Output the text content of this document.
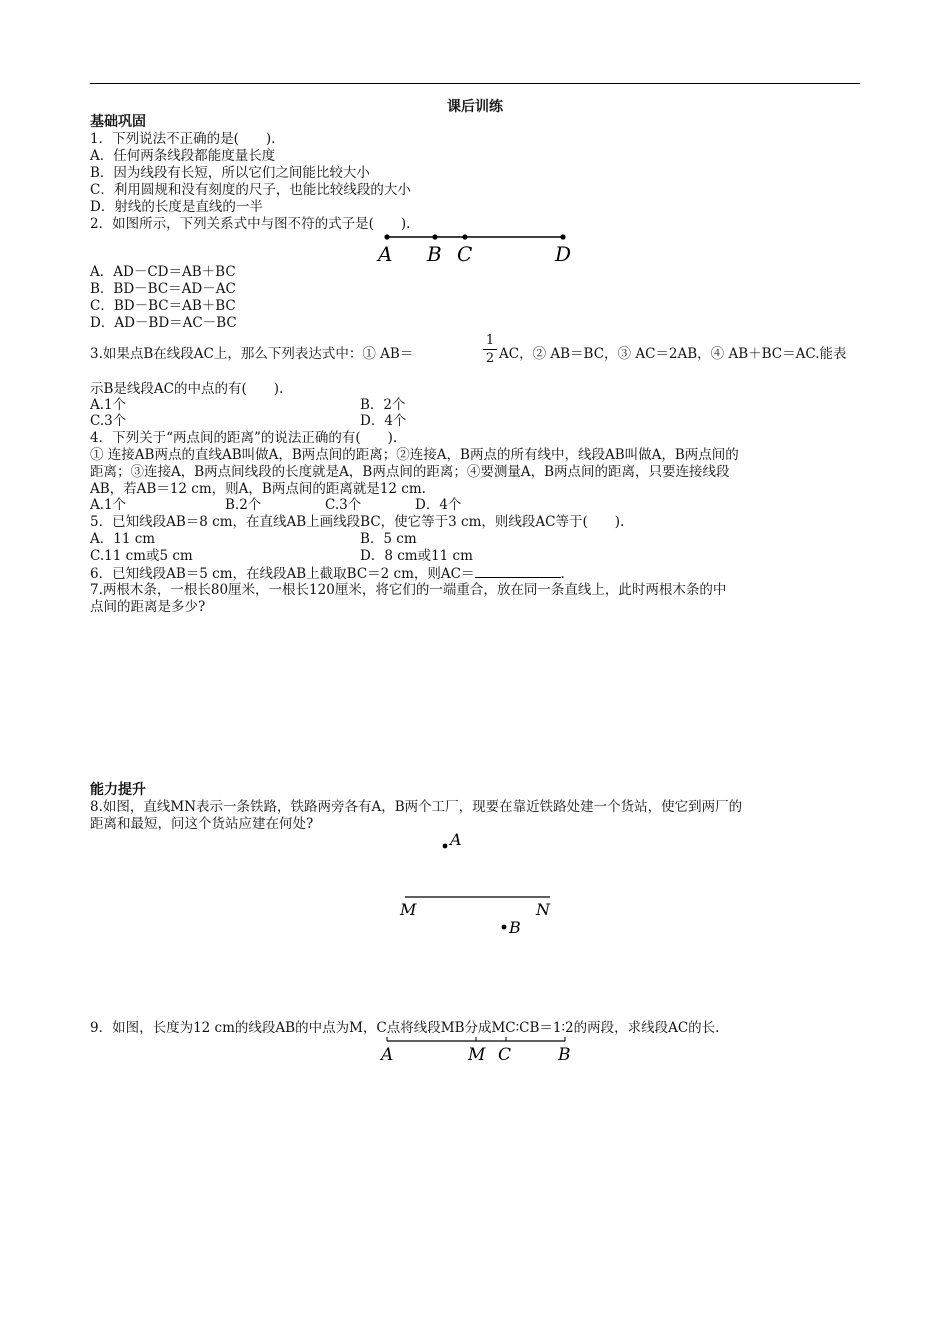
课后训练
基础巩固
1．下列说法不正确的是(　　).
A．任何两条线段都能度量长度
B．因为线段有长短，所以它们之间能比较大小
C．利用圆规和没有刻度的尺子，也能比较线段的大小
D．射线的长度是直线的一半
2．如图所示，下列关系式中与图不符的式子是(　　).
A B C	D
A．AD－CD＝AB＋BC
B．BD－BC＝AD－AC
C．BD－BC＝AB＋BC
D．AD－BD＝AC－BC
3.如果点B在线段AC上，那么下列表达式中：① AB＝
1
2 AC，② AB＝BC，③ AC＝2AB，④ AB＋BC＝AC.能表
示B是线段AC的中点的有(　　).
A.1个	B．2个
C.3个	D．4个
4．下列关于“两点间的距离”的说法正确的有(　　).
① 连接AB两点的直线AB叫做A，B两点间的距离；②连接A，B两点的所有线中，线段AB叫做A，B两点间的
距离；③连接A，B两点间线段的长度就是A，B两点间的距离；④要测量A，B两点间的距离，只要连接线段
AB，若AB＝12 cm，则A，B两点间的距离就是12 cm.
A.1个	B.2个	C.3个	D．4个
5．已知线段AB＝8 cm，在直线AB上画线段BC，使它等于3 cm，则线段AC等于(　　).
A．11 cm	B．5 cm
C.11 cm或5 cm	D．8 cm或11 cm
6．已知线段AB＝5 cm，在线段AB上截取BC＝2 cm，则AC＝	.
7.两根木条，一根长80厘米，一根长120厘米，将它们的一端重合，放在同一条直线上，此时两根木条的中
点间的距离是多少?
能力提升
8.如图，直线MN表示一条铁路，铁路两旁各有A，B两个工厂，现要在靠近铁路处建一个货站，使它到两厂的
距离和最短，问这个货站应建在何处?
A
M	N
B
9．如图，长度为12 cm的线段AB的中点为M，C点将线段MB分成MC∶CB＝1∶2的两段，求线段AC的长.
A	M C	B
